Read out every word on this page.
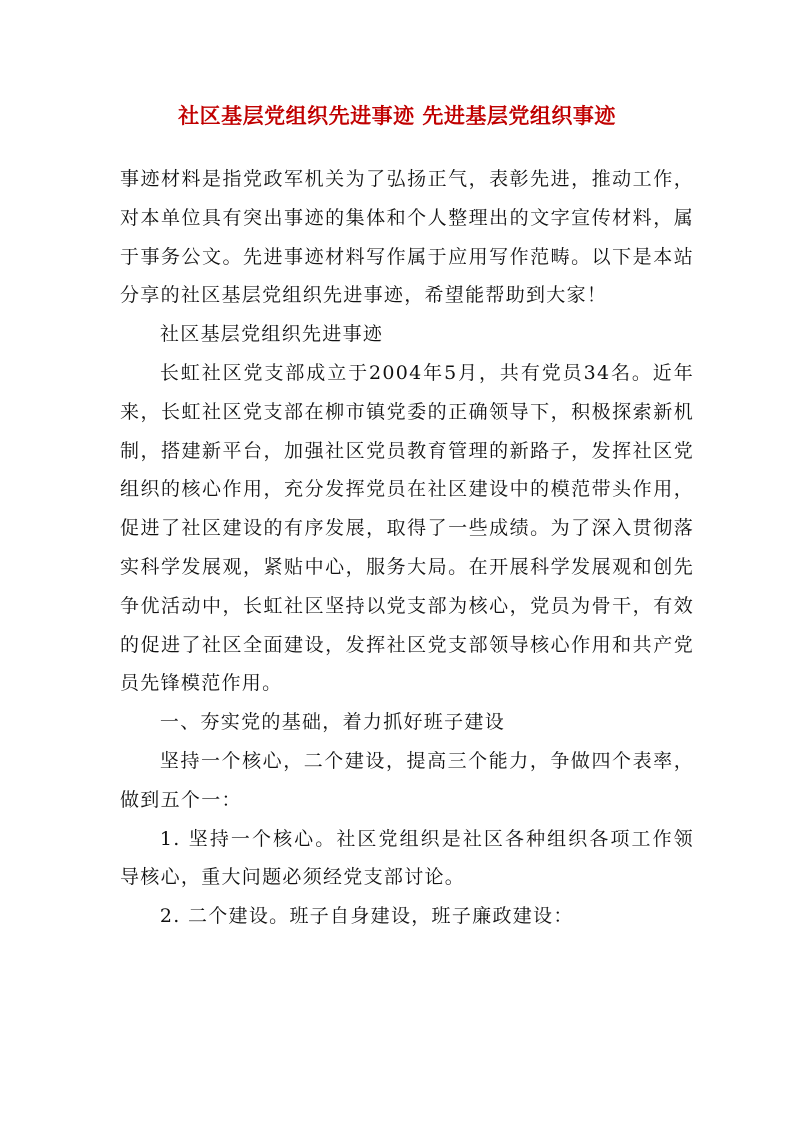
社区基层党组织先进事迹 先进基层党组织事迹

事迹材料是指党政军机关为了弘扬正气，表彰先进，推动工作，对本单位具有突出事迹的集体和个人整理出的文字宣传材料，属于事务公文。先进事迹材料写作属于应用写作范畴。以下是本站分享的社区基层党组织先进事迹，希望能帮助到大家！

社区基层党组织先进事迹

长虹社区党支部成立于2004年5月，共有党员34名。近年来，长虹社区党支部在柳市镇党委的正确领导下，积极探索新机制，搭建新平台，加强社区党员教育管理的新路子，发挥社区党组织的核心作用，充分发挥党员在社区建设中的模范带头作用，促进了社区建设的有序发展，取得了一些成绩。为了深入贯彻落实科学发展观，紧贴中心，服务大局。在开展科学发展观和创先争优活动中，长虹社区坚持以党支部为核心，党员为骨干，有效的促进了社区全面建设，发挥社区党支部领导核心作用和共产党员先锋模范作用。

一、夯实党的基础，着力抓好班子建设

坚持一个核心，二个建设，提高三个能力，争做四个表率，做到五个一：

1. 坚持一个核心。社区党组织是社区各种组织各项工作领导核心，重大问题必须经党支部讨论。

2. 二个建设。班子自身建设，班子廉政建设：
